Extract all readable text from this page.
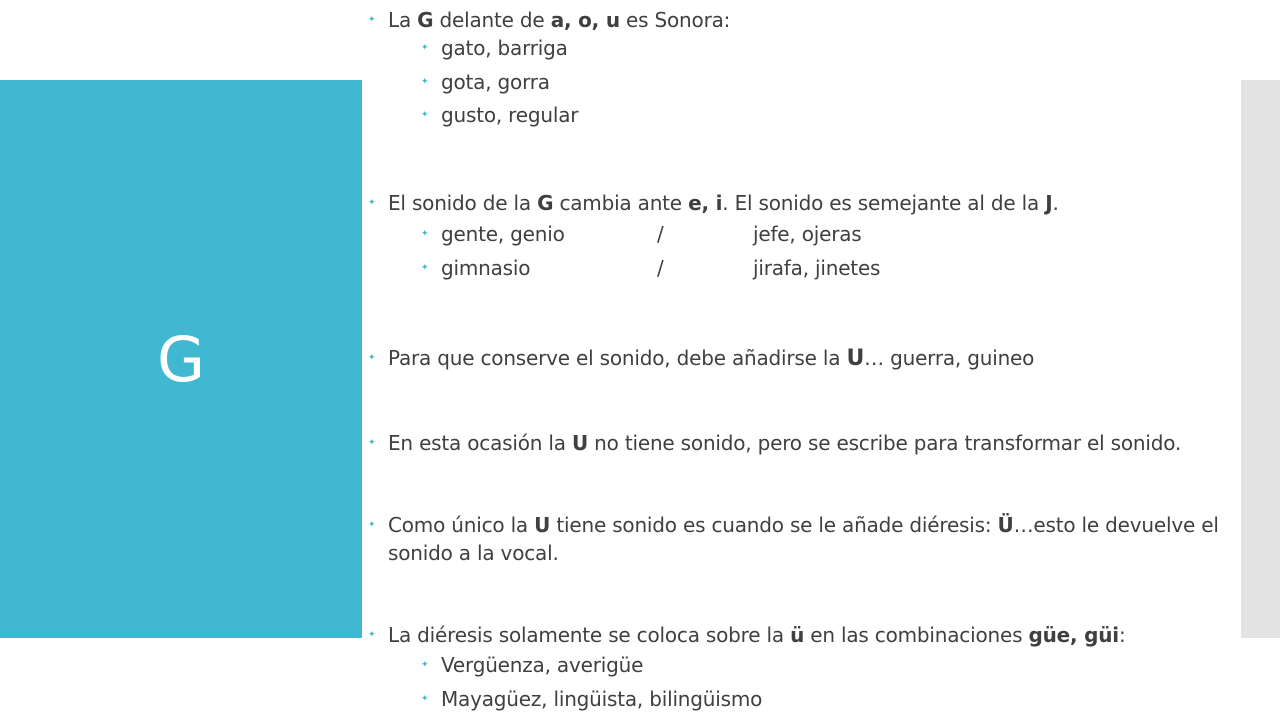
G
✦
La G delante de a, o, u es Sonora:
✦
gato, barriga
✦
gota, gorra
✦
gusto, regular
✦
El sonido de la G cambia ante e, i. El sonido es semejante al de la J.
✦
gente, genio	/	jefe, ojeras
✦
gimnasio	/	jirafa, jinetes
✦
Para que conserve el sonido, debe añadirse la U… guerra, guineo
✦
En esta ocasión la U no tiene sonido, pero se escribe para transformar el sonido.
✦
Como único la U tiene sonido es cuando se le añade diéresis: Ü…esto le devuelve el
sonido a la vocal.
✦
La diéresis solamente se coloca sobre la ü en las combinaciones güe, güi:
✦
Vergüenza, averigüe
✦
Mayagüez, lingüista, bilingüismo
